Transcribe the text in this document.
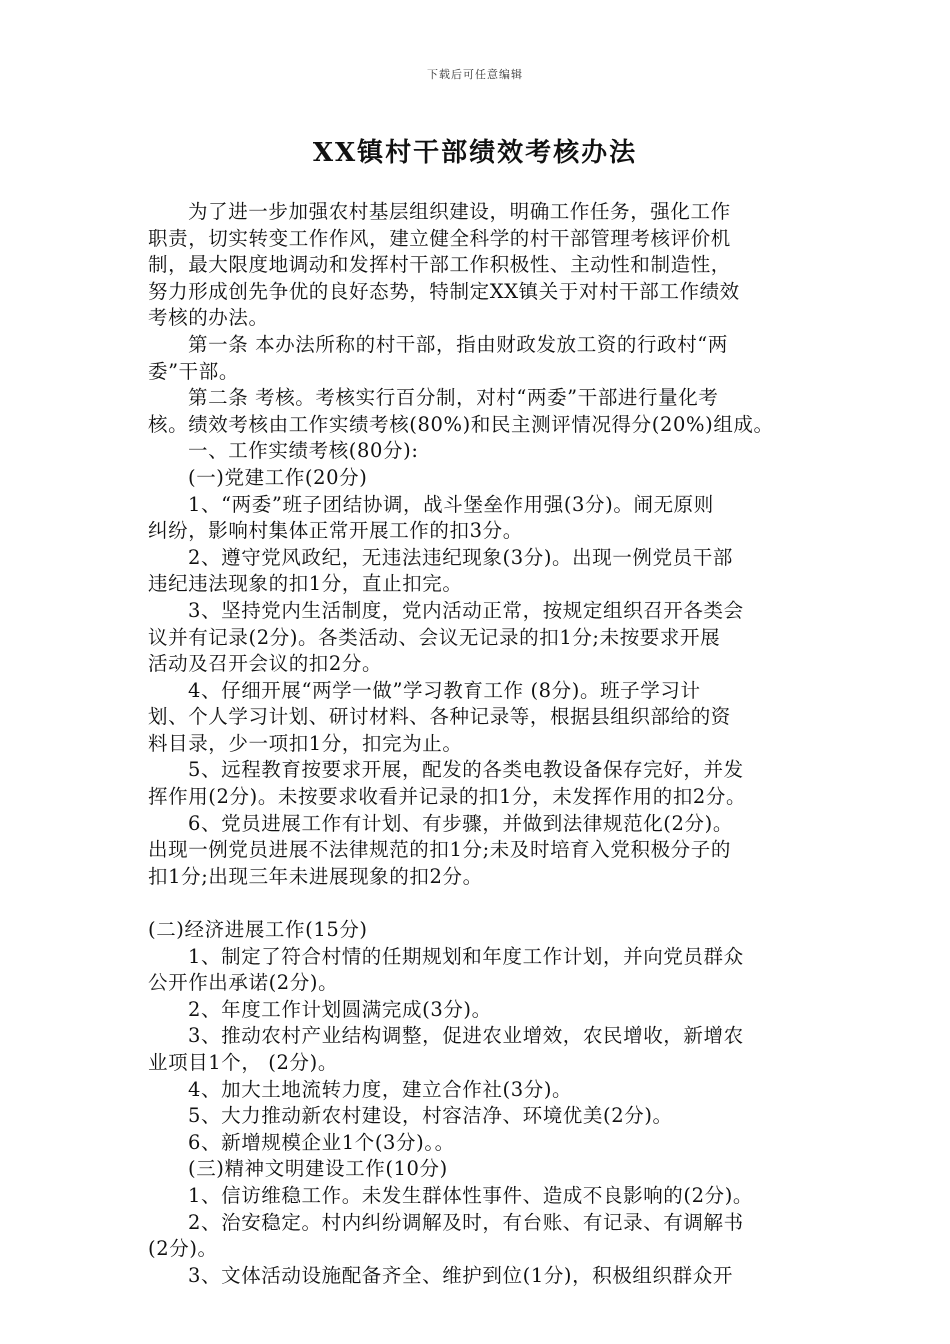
下载后可任意编辑
XX镇村干部绩效考核办法
为了进一步加强农村基层组织建设，明确工作任务，强化工作
职责，切实转变工作作风，建立健全科学的村干部管理考核评价机
制，最大限度地调动和发挥村干部工作积极性、主动性和制造性，
努力形成创先争优的良好态势，特制定XX镇关于对村干部工作绩效
考核的办法。
第一条 本办法所称的村干部，指由财政发放工资的行政村“两
委”干部。
第二条 考核。考核实行百分制，对村“两委”干部进行量化考
核。绩效考核由工作实绩考核(80%)和民主测评情况得分(20%)组成。
一、工作实绩考核(80分):
(一)党建工作(20分)
1、“两委”班子团结协调，战斗堡垒作用强(3分)。闹无原则
纠纷，影响村集体正常开展工作的扣3分。
2、遵守党风政纪，无违法违纪现象(3分)。出现一例党员干部
违纪违法现象的扣1分，直止扣完。
3、坚持党内生活制度，党内活动正常，按规定组织召开各类会
议并有记录(2分)。各类活动、会议无记录的扣1分;未按要求开展
活动及召开会议的扣2分。
4、仔细开展“两学一做”学习教育工作 (8分)。班子学习计
划、个人学习计划、研讨材料、各种记录等，根据县组织部给的资
料目录，少一项扣1分，扣完为止。
5、远程教育按要求开展，配发的各类电教设备保存完好，并发
挥作用(2分)。未按要求收看并记录的扣1分，未发挥作用的扣2分。
6、党员进展工作有计划、有步骤，并做到法律规范化(2分)。
出现一例党员进展不法律规范的扣1分;未及时培育入党积极分子的
扣1分;出现三年未进展现象的扣2分。
(二)经济进展工作(15分)
1、制定了符合村情的任期规划和年度工作计划，并向党员群众
公开作出承诺(2分)。
2、年度工作计划圆满完成(3分)。
3、推动农村产业结构调整，促进农业增效，农民增收，新增农
业项目1个， (2分)。
4、加大土地流转力度，建立合作社(3分)。
5、大力推动新农村建设，村容洁净、环境优美(2分)。
6、新增规模企业1个(3分)。。
(三)精神文明建设工作(10分)
1、信访维稳工作。未发生群体性事件、造成不良影响的(2分)。
2、治安稳定。村内纠纷调解及时，有台账、有记录、有调解书
(2分)。
3、文体活动设施配备齐全、维护到位(1分)，积极组织群众开
